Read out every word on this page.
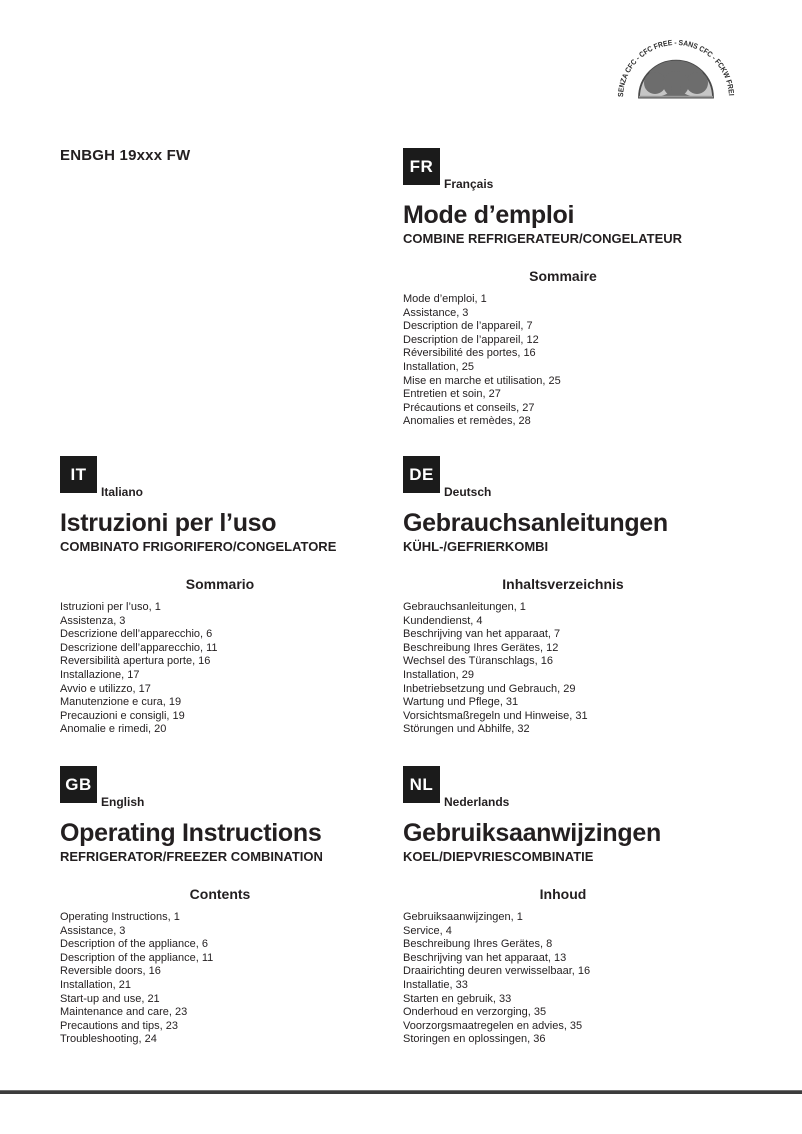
SENZA CFC - CFC FREE - SANS CFC - FCKW FREI
ENBGH 19xxx FW
FR
Français
Mode d’emploi
COMBINE REFRIGERATEUR/CONGELATEUR
Sommaire
Mode d’emploi, 1
Assistance, 3
Description de l’appareil, 7
Description de l’appareil, 12
Réversibilité des portes, 16
Installation, 25
Mise en marche et utilisation, 25
Entretien et soin, 27
Précautions et conseils, 27
Anomalies et remèdes, 28
IT
Italiano
Istruzioni per l’uso
COMBINATO FRIGORIFERO/CONGELATORE
Sommario
Istruzioni per l’uso, 1
Assistenza, 3
Descrizione dell’apparecchio, 6
Descrizione dell’apparecchio, 11
Reversibilità apertura porte, 16
Installazione, 17
Avvio e utilizzo, 17
Manutenzione e cura, 19
Precauzioni e consigli, 19
Anomalie e rimedi, 20
DE
Deutsch
Gebrauchsanleitungen
KÜHL-/GEFRIERKOMBI
Inhaltsverzeichnis
Gebrauchsanleitungen, 1
Kundendienst, 4
Beschrijving van het apparaat, 7
Beschreibung Ihres Gerätes, 12
Wechsel des Türanschlags, 16
Installation, 29
Inbetriebsetzung und Gebrauch, 29
Wartung und Pflege, 31
Vorsichtsmaßregeln und Hinweise, 31
Störungen und Abhilfe, 32
GB
English
Operating Instructions
REFRIGERATOR/FREEZER COMBINATION
Contents
Operating Instructions, 1
Assistance, 3
Description of the appliance, 6
Description of the appliance, 11
Reversible doors, 16
Installation, 21
Start-up and use, 21
Maintenance and care, 23
Precautions and tips, 23
Troubleshooting, 24
NL
Nederlands
Gebruiksaanwijzingen
KOEL/DIEPVRIESCOMBINATIE
Inhoud
Gebruiksaanwijzingen, 1
Service, 4
Beschreibung Ihres Gerätes, 8
Beschrijving van het apparaat, 13
Draairichting deuren verwisselbaar, 16
Installatie, 33
Starten en gebruik, 33
Onderhoud en verzorging, 35
Voorzorgsmaatregelen en advies, 35
Storingen en oplossingen, 36
